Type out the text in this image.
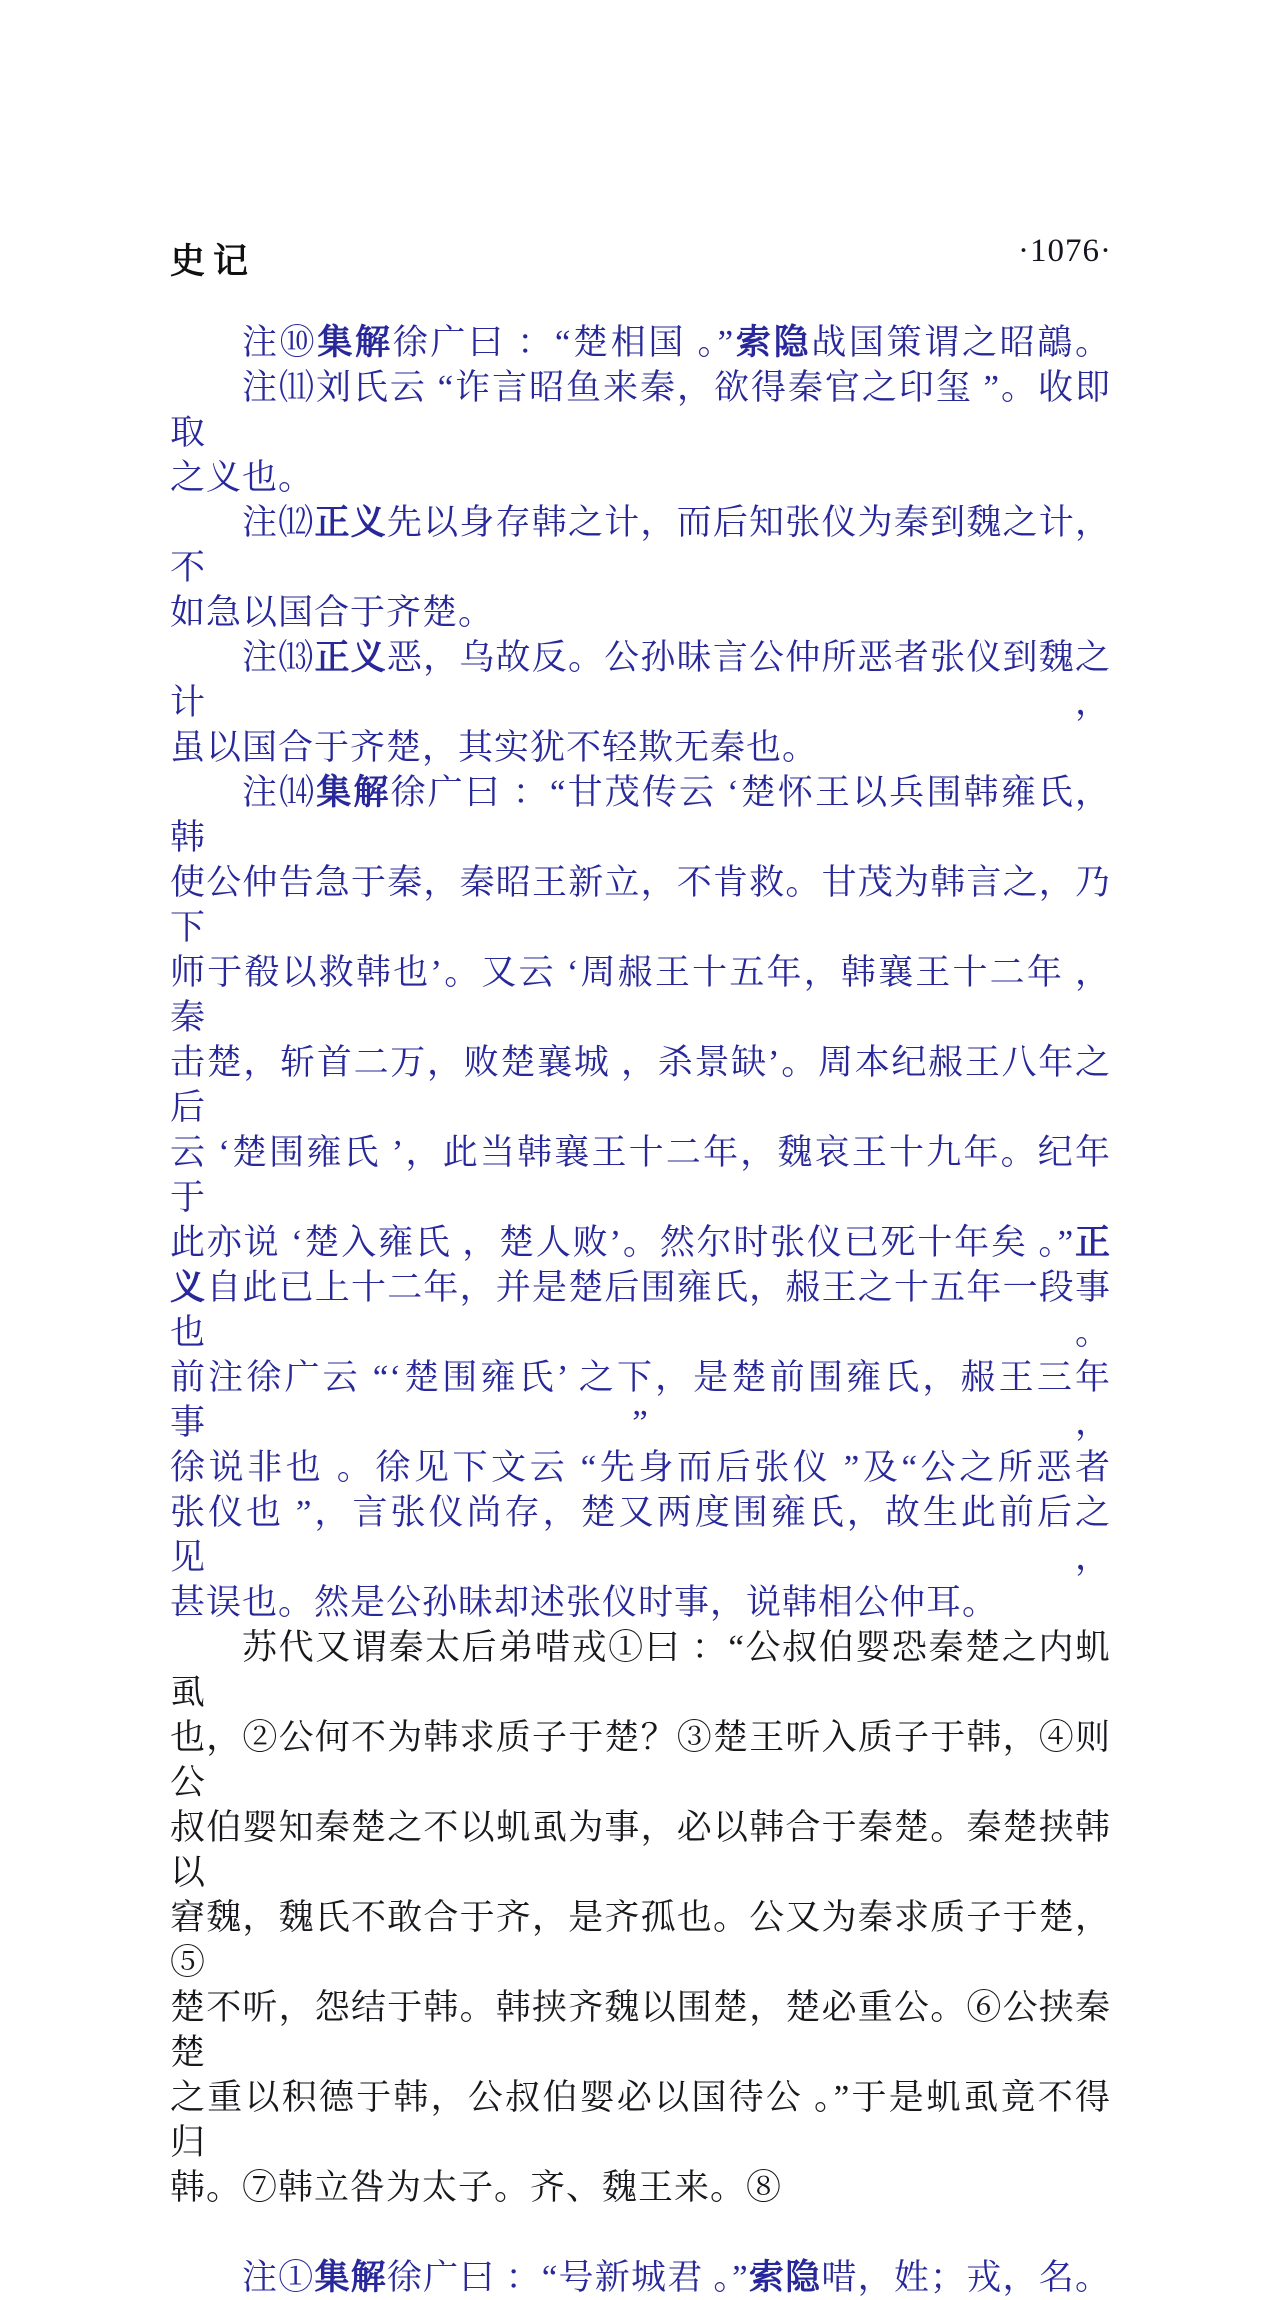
史记	·1076·
注⑩集解徐广曰 ：“楚相国 。”索隐战国策谓之昭鶮。
注⑾刘氏云 “诈言昭鱼来秦，欲得秦官之印玺 ”。收即取
之义也。
注⑿正义先以身存韩之计，而后知张仪为秦到魏之计，不
如急以国合于齐楚。
注⒀正义恶，乌故反。公孙昧言公仲所恶者张仪到魏之计，
虽以国合于齐楚，其实犹不轻欺无秦也。
注⒁集解徐广曰 ：“甘茂传云 ‘楚怀王以兵围韩雍氏，韩
使公仲告急于秦，秦昭王新立，不肯救。甘茂为韩言之，乃下
师于殽以救韩也’。又云 ‘周赧王十五年，韩襄王十二年 ，秦
击楚，斩首二万，败楚襄城 ，杀景缺’。周本纪赧王八年之后
云 ‘楚围雍氏 ’，此当韩襄王十二年，魏哀王十九年。纪年于
此亦说 ‘楚入雍氏 ，楚人败’。然尔时张仪已死十年矣 。”正
义自此已上十二年，并是楚后围雍氏，赧王之十五年一段事也。
前注徐广云 “‘楚围雍氏’ 之下，是楚前围雍氏，赧王三年事”，
徐说非也 。徐见下文云 “先身而后张仪 ”及“公之所恶者
张仪也 ”，言张仪尚存，楚又两度围雍氏，故生此前后之见，
甚误也。然是公孙昧却述张仪时事，说韩相公仲耳。
苏代又谓秦太后弟唶戎①曰 ：“公叔伯婴恐秦楚之内虮虱
也，②公何不为韩求质子于楚？③楚王听入质子于韩，④则公
叔伯婴知秦楚之不以虮虱为事，必以韩合于秦楚。秦楚挟韩以
窘魏，魏氏不敢合于齐，是齐孤也。公又为秦求质子于楚，⑤
楚不听，怨结于韩。韩挟齐魏以围楚，楚必重公。⑥公挟秦楚
之重以积德于韩，公叔伯婴必以国待公 。”于是虮虱竟不得归
韩。⑦韩立咎为太子。齐、魏王来。⑧
注①集解徐广曰 ：“号新城君 。”索隐唶，姓；戎，名。
